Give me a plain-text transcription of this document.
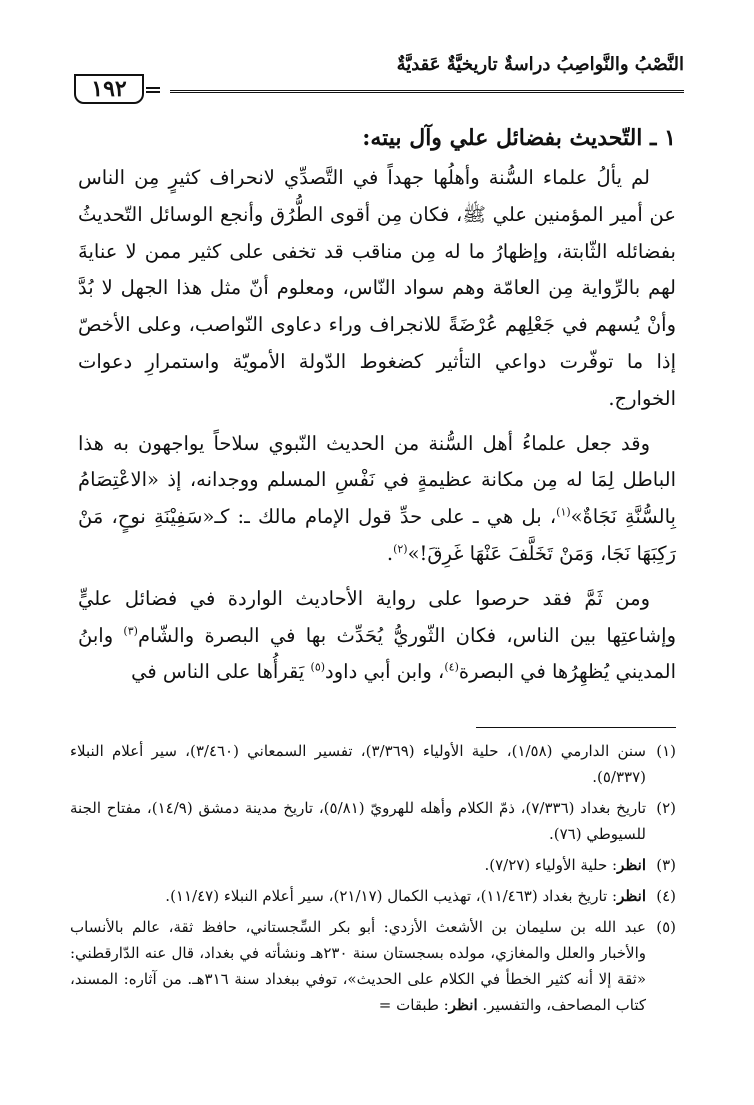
النَّصْبُ والنَّواصِبُ دراسةٌ تاريخيَّةٌ عَقديَّةٌ
١٩٢
١ ـ التّحديث بفضائل علي وآل بيته:

لم يألُ علماء السُّنة وأهلُها جهداً في التَّصدِّي لانحراف كثيرٍ مِن الناس عن أمير المؤمنين علي ﷺ، فكان مِن أقوى الطُّرُق وأنجع الوسائل التّحديثُ بفضائله الثّابتة، وإظهارُ ما له مِن مناقب قد تخفى على كثير ممن لا عنايةَ لهم بالرِّواية مِن العامّة وهم سواد النّاس، ومعلوم أنّ مثل هذا الجهل لا بُدَّ وأنْ يُسهم في جَعْلِهم عُرْضَةً للانجراف وراء دعاوى النّواصب، وعلى الأخصّ إذا ما توفّرت دواعي التأثير كضغوط الدّولة الأمويّة واستمرارِ دعوات الخوارج.

وقد جعل علماءُ أهل السُّنة من الحديث النّبوي سلاحاً يواجهون به هذا الباطل لِمَا له مِن مكانة عظيمةٍ في نَفْسِ المسلم ووجدانه، إذ «الاعْتِصَامُ بِالسُّنَّةِ نَجَاةٌ»$^{(١)}$، بل هي ـ على حدِّ قول الإمام مالك ـ: كـ«سَفِيْنَةِ نوحٍ، مَنْ رَكِبَهَا نَجَا، وَمَنْ تَخَلَّفَ عَنْهَا غَرِقَ!»$^{(٢)}$.

ومن ثَمَّ فقد حرصوا على رواية الأحاديث الواردة في فضائل عليٍّ وإشاعتِها بين الناس، فكان الثّوريُّ يُحَدِّث بها في البصرة والشّام$^{(٣)}$ وابنُ المديني يُظهِرُها في البصرة$^{(٤)}$، وابن أبي داود$^{(٥)}$ يَقرأُها على الناس في

(١)
سنن الدارمي (١/٥٨)، حلية الأولياء (٣/٣٦٩)، تفسير السمعاني (٣/٤٦٠)، سير أعلام النبلاء (٥/٣٣٧).
(٢)
تاريخ بغداد (٧/٣٣٦)، ذمّ الكلام وأهله للهرويّ (٥/٨١)، تاريخ مدينة دمشق (١٤/٩)، مفتاح الجنة للسيوطي (٧٦).
(٣)
انظر: حلية الأولياء (٧/٢٧).
(٤)
انظر: تاريخ بغداد (١١/٤٦٣)، تهذيب الكمال (٢١/١٧)، سير أعلام النبلاء (١١/٤٧).
(٥)
عبد الله بن سليمان بن الأشعث الأزدي: أبو بكر السِّجستاني، حافظ ثقة، عالم بالأنساب والأخبار والعلل والمغازي، مولده بسجستان سنة ٢٣٠هـ ونشأته في بغداد، قال عنه الدّارقطني: «ثقة إلا أنه كثير الخطأ في الكلام على الحديث»، توفي ببغداد سنة ٣١٦هـ. من آثاره: المسند، كتاب المصاحف، والتفسير. انظر: طبقات =
